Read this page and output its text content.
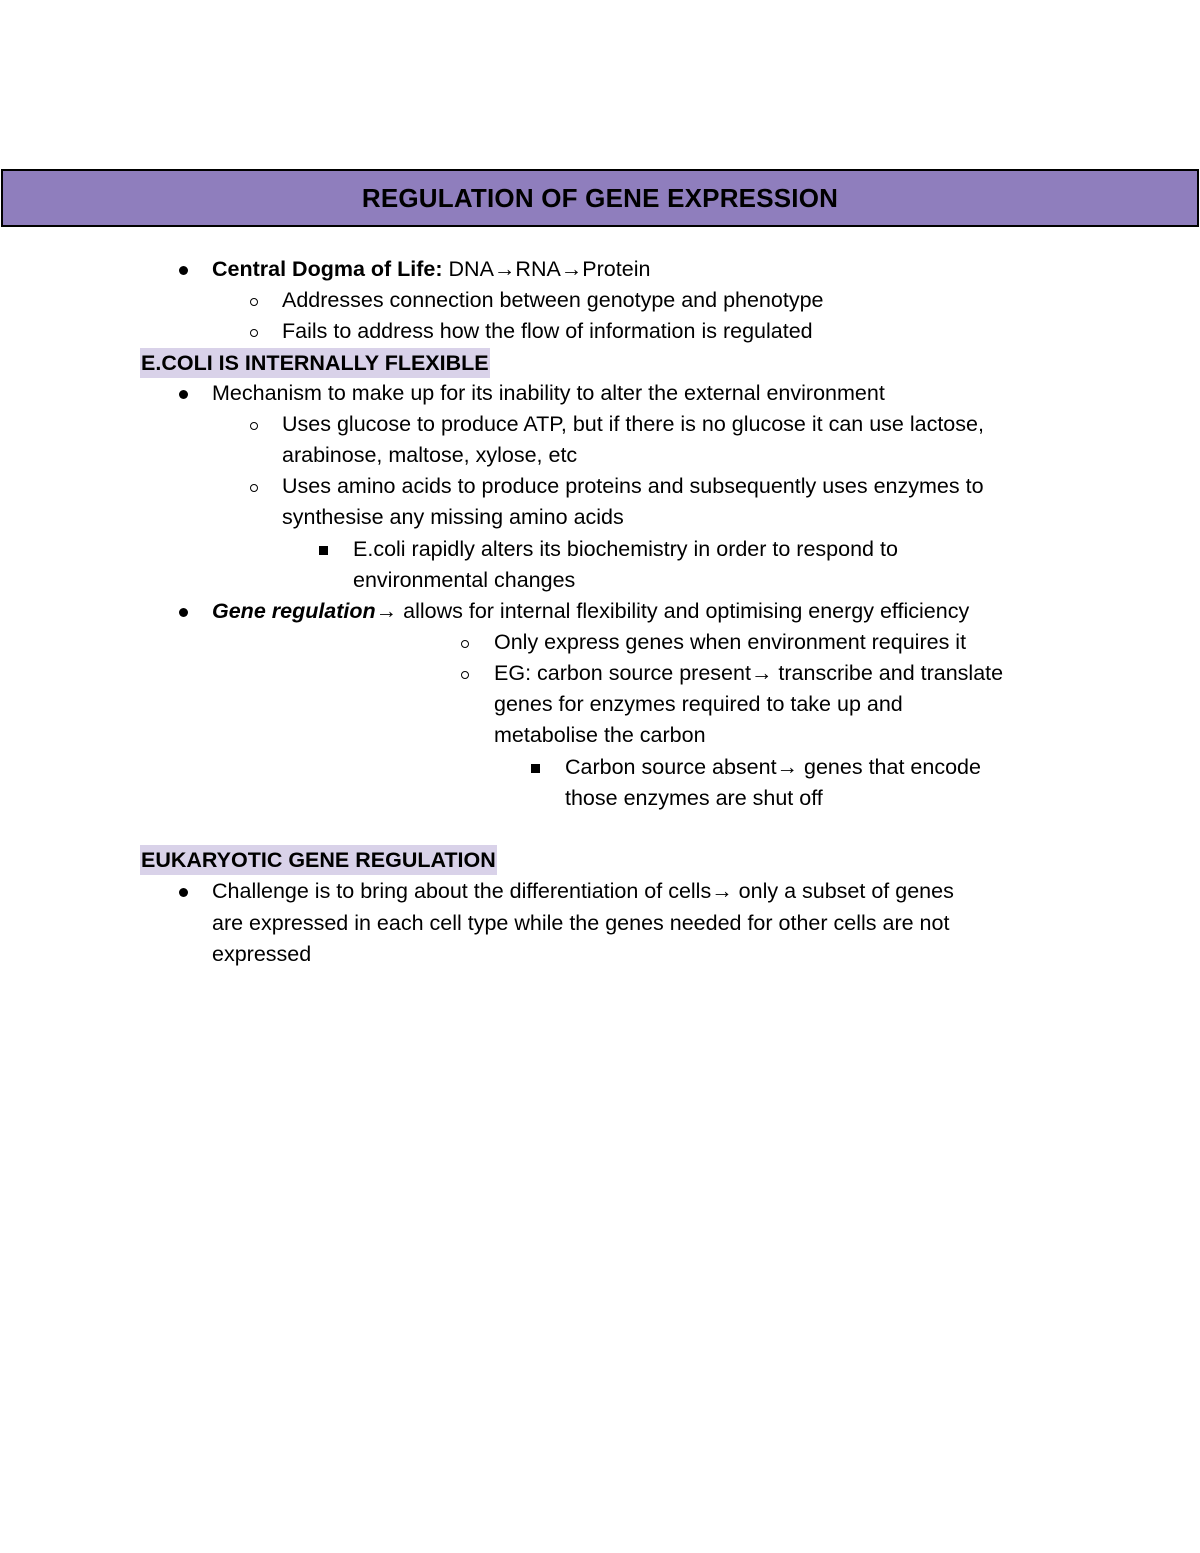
REGULATION OF GENE EXPRESSION
Central Dogma of Life: DNA→RNA→Protein
Addresses connection between genotype and phenotype
Fails to address how the flow of information is regulated
E.COLI IS INTERNALLY FLEXIBLE
Mechanism to make up for its inability to alter the external environment
Uses glucose to produce ATP, but if there is no glucose it can use lactose,
arabinose, maltose, xylose, etc
Uses amino acids to produce proteins and subsequently uses enzymes to
synthesise any missing amino acids
E.coli rapidly alters its biochemistry in order to respond to
environmental changes
Gene regulation→ allows for internal flexibility and optimising energy efficiency
Only express genes when environment requires it
EG: carbon source present→ transcribe and translate
genes for enzymes required to take up and
metabolise the carbon
Carbon source absent→ genes that encode
those enzymes are shut off
EUKARYOTIC GENE REGULATION
Challenge is to bring about the differentiation of cells→ only a subset of genes
are expressed in each cell type while the genes needed for other cells are not
expressed
